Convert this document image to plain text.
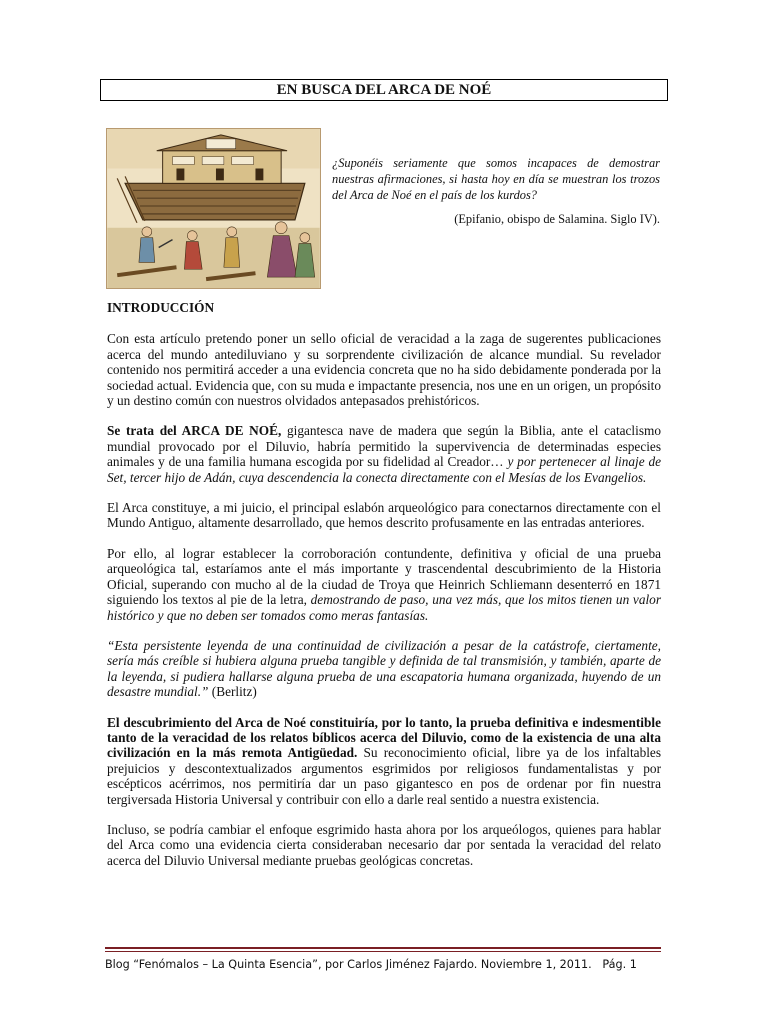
EN BUSCA DEL ARCA DE NOÉ
¿Suponéis seriamente que somos incapaces de demostrar nuestras afirmaciones, si hasta hoy en día se muestran los trozos del Arca de Noé en el país de los kurdos?
(Epifanio, obispo de Salamina. Siglo IV).
INTRODUCCIÓN

Con esta artículo pretendo poner un sello oficial de veracidad a la zaga de sugerentes publicaciones acerca del mundo antediluviano y su sorprendente civilización de alcance mundial. Su revelador contenido nos permitirá acceder a una evidencia concreta que no ha sido debidamente ponderada por la sociedad actual. Evidencia que, con su muda e impactante presencia, nos une en un origen, un propósito y un destino común con nuestros olvidados antepasados prehistóricos.

Se trata del ARCA DE NOÉ, gigantesca nave de madera que según la Biblia, ante el cataclismo mundial provocado por el Diluvio, habría permitido la supervivencia de determinadas especies animales y de una familia humana escogida por su fidelidad al Creador… y por pertenecer al linaje de Set, tercer hijo de Adán, cuya descendencia la conecta directamente con el Mesías de los Evangelios.

El Arca constituye, a mi juicio, el principal eslabón arqueológico para conectarnos directamente con el Mundo Antiguo, altamente desarrollado, que hemos descrito profusamente en las entradas anteriores.

Por ello, al lograr establecer la corroboración contundente, definitiva y oficial de una prueba arqueológica tal, estaríamos ante el más importante y trascendental descubrimiento de la Historia Oficial, superando con mucho al de la ciudad de Troya que Heinrich Schliemann desenterró en 1871 siguiendo los textos al pie de la letra, demostrando de paso, una vez más, que los mitos tienen un valor histórico y que no deben ser tomados como meras fantasías.

“Esta persistente leyenda de una continuidad de civilización a pesar de la catástrofe, ciertamente, sería más creíble si hubiera alguna prueba tangible y definida de tal transmisión, y también, aparte de la leyenda, si pudiera hallarse alguna prueba de una escapatoria humana organizada, huyendo de un desastre mundial.” (Berlitz)

El descubrimiento del Arca de Noé constituiría, por lo tanto, la prueba definitiva e indesmentible tanto de la veracidad de los relatos bíblicos acerca del Diluvio, como de la existencia de una alta civilización en la más remota Antigüedad. Su reconocimiento oficial, libre ya de los infaltables prejuicios y descontextualizados argumentos esgrimidos por religiosos fundamentalistas y por escépticos acérrimos, nos permitiría dar un paso gigantesco en pos de ordenar por fin nuestra tergiversada Historia Universal y contribuir con ello a darle real sentido a nuestra existencia.

Incluso, se podría cambiar el enfoque esgrimido hasta ahora por los arqueólogos, quienes para hablar del Arca como una evidencia cierta consideraban necesario dar por sentada la veracidad del relato acerca del Diluvio Universal mediante pruebas geológicas concretas.

Blog “Fenómalos – La Quinta Esencia”, por Carlos Jiménez Fajardo. Noviembre 1, 2011. Pág. 1
